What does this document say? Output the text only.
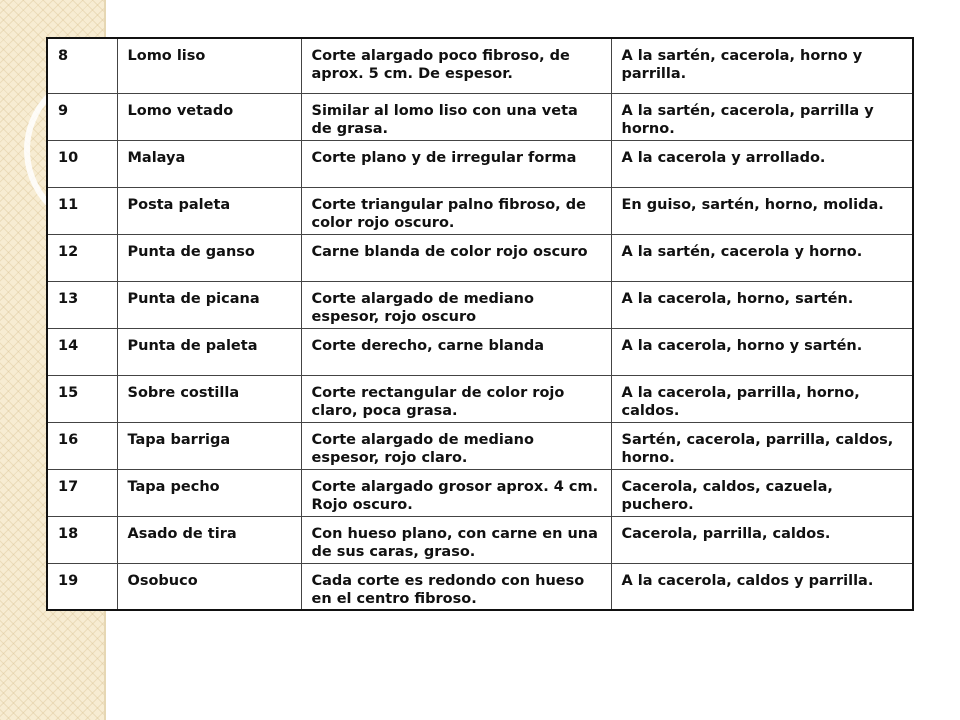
8	Lomo liso	Corte alargado poco fibroso, de aprox. 5 cm. De espesor.	A la sartén, cacerola, horno y parrilla.
9	Lomo vetado	Similar al lomo liso con una veta de grasa.	A la sartén, cacerola, parrilla y horno.
10	Malaya	Corte plano y de irregular forma	A la cacerola y arrollado.
11	Posta paleta	Corte triangular palno fibroso, de color rojo oscuro.	En guiso, sartén, horno, molida.
12	Punta de ganso	Carne blanda de color rojo oscuro	A la sartén, cacerola y horno.
13	Punta de picana	Corte alargado de mediano espesor, rojo oscuro	A la cacerola, horno, sartén.
14	Punta de paleta	Corte derecho, carne blanda	A la cacerola, horno y sartén.
15	Sobre costilla	Corte rectangular de color rojo claro, poca grasa.	A la cacerola, parrilla, horno, caldos.
16	Tapa barriga	Corte alargado de mediano espesor, rojo claro.	Sartén, cacerola, parrilla, caldos, horno.
17	Tapa pecho	Corte alargado grosor aprox. 4 cm. Rojo oscuro.	Cacerola, caldos, cazuela, puchero.
18	Asado de tira	Con hueso plano, con carne en una de sus caras, graso.	Cacerola, parrilla, caldos.
19	Osobuco	Cada corte es redondo con hueso en el centro fibroso.	A la cacerola, caldos y parrilla.
